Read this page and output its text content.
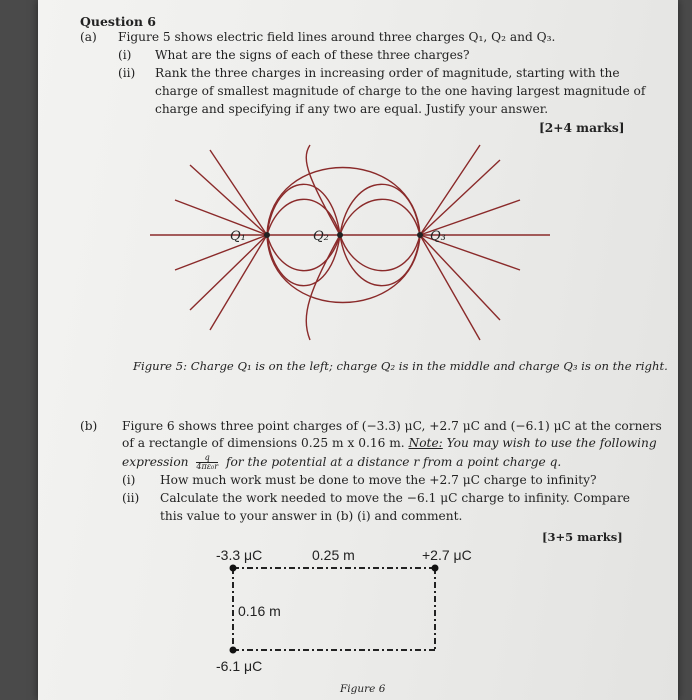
Question 6
(a) Figure 5 shows electric field lines around three charges Q₁, Q₂ and Q₃.
(i) What are the signs of each of these three charges?
(ii) Rank the three charges in increasing order of magnitude, starting with the
charge of smallest magnitude of charge to the one having largest magnitude of
charge and specifying if any two are equal. Justify your answer.
[2+4 marks]
Q₁	Q₂	Q₃
Figure 5: Charge Q₁ is on the left; charge Q₂ is in the middle and charge Q₃ is on the right.
(b) Figure 6 shows three point charges of (−3.3) μC, +2.7 μC and (−6.1) μC at the corners
of a rectangle of dimensions 0.25 m x 0.16 m. Note: You may wish to use the following
expression $\frac{q}{\text{4πε₀r}}$ for the potential at a distance r from a point charge q.
(i) How much work must be done to move the +2.7 μC charge to infinity?
(ii) Calculate the work needed to move the −6.1 μC charge to infinity. Compare
this value to your answer in (b) (i) and comment.
[3+5 marks]
-3.3 μC	0.25 m	+2.7 μC
0.16 m
-6.1 μC
Figure 6
